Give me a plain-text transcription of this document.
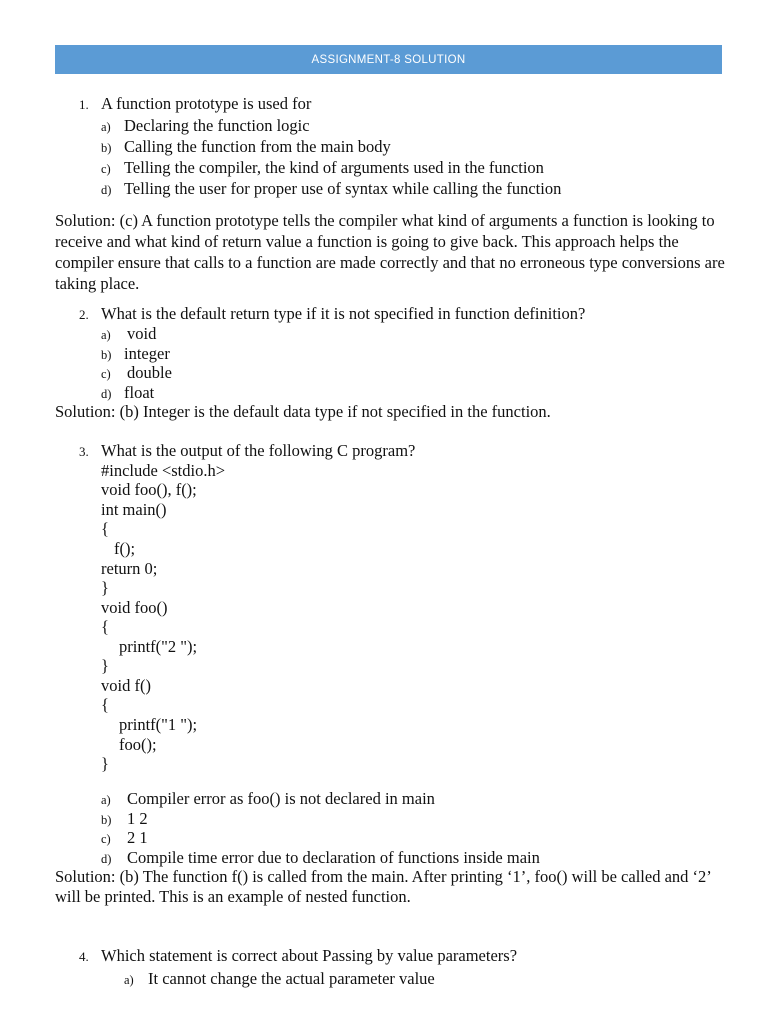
ASSIGNMENT-8 SOLUTION
1. A function prototype is used for
a) Declaring the function logic
b) Calling the function from the main body
c) Telling the compiler, the kind of arguments used in the function
d) Telling the user for proper use of syntax while calling the function
Solution: (c) A function prototype tells the compiler what kind of arguments a function is looking to receive and what kind of return value a function is going to give back. This approach helps the compiler ensure that calls to a function are made correctly and that no erroneous type conversions are taking place.
2. What is the default return type if it is not specified in function definition?
a) void
b) integer
c) double
d) float
Solution: (b) Integer is the default data type if not specified in the function.
3. What is the output of the following C program?
#include <stdio.h>
void foo(), f();
int main()
{
f();
return 0;
}
void foo()
{
printf("2 ");
}
void f()
{
printf("1 ");
foo();
}
a) Compiler error as foo() is not declared in main
b) 1 2
c) 2 1
d) Compile time error due to declaration of functions inside main
Solution: (b) The function f() is called from the main. After printing ‘1’, foo() will be called and ‘2’ will be printed. This is an example of nested function.
4. Which statement is correct about Passing by value parameters?
a) It cannot change the actual parameter value
